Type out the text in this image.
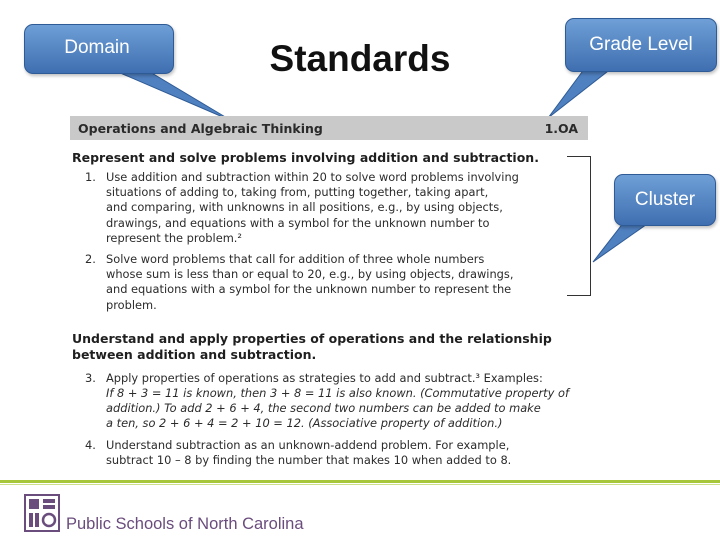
Domain	Standards	Grade Level
Cluster
Operations and Algebraic Thinking	1.OA
Represent and solve problems involving addition and subtraction.
1. Use addition and subtraction within 20 to solve word problems involving
situations of adding to, taking from, putting together, taking apart,
and comparing, with unknowns in all positions, e.g., by using objects,
drawings, and equations with a symbol for the unknown number to
represent the problem.²
2. Solve word problems that call for addition of three whole numbers
whose sum is less than or equal to 20, e.g., by using objects, drawings,
and equations with a symbol for the unknown number to represent the
problem.
Understand and apply properties of operations and the relationship
between addition and subtraction.
3. Apply properties of operations as strategies to add and subtract.³ Examples:
If 8 + 3 = 11 is known, then 3 + 8 = 11 is also known. (Commutative property of
addition.) To add 2 + 6 + 4, the second two numbers can be added to make
a ten, so 2 + 6 + 4 = 2 + 10 = 12. (Associative property of addition.)
4. Understand subtraction as an unknown-addend problem. For example,
subtract 10 – 8 by finding the number that makes 10 when added to 8.
Public Schools of North Carolina
